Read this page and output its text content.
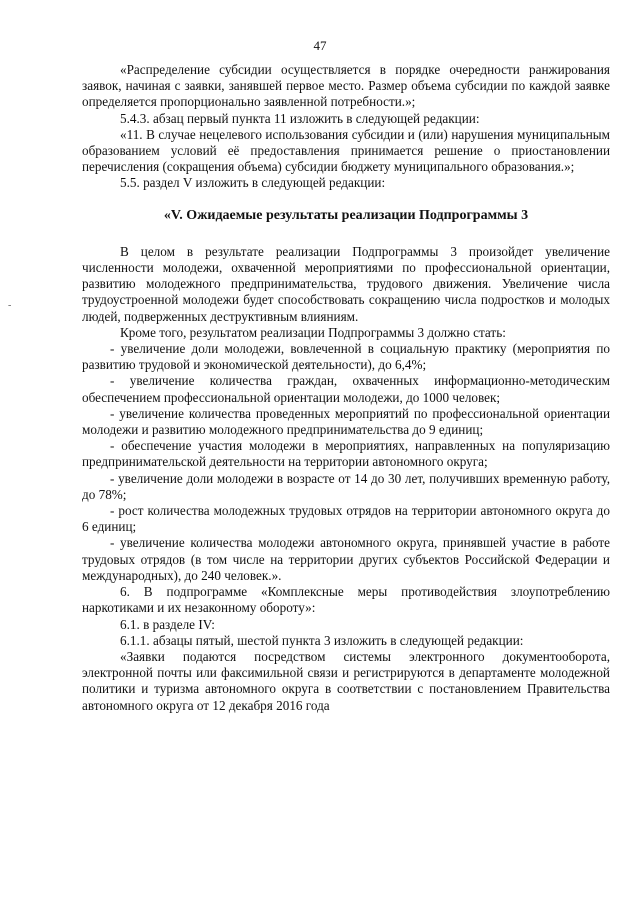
47
-

«Распределение субсидии осуществляется в порядке очередности ранжирования заявок, начиная с заявки, занявшей первое место. Размер объема субсидии по каждой заявке определяется пропорционально заявленной потребности.»;

5.4.3. абзац первый пункта 11 изложить в следующей редакции:

«11. В случае нецелевого использования субсидии и (или) нарушения муниципальным образованием условий её предоставления принимается решение о приостановлении перечисления (сокращения объема) субсидии бюджету муниципального образования.»;

5.5. раздел V изложить в следующей редакции:

«V. Ожидаемые результаты реализации Подпрограммы 3

В целом в результате реализации Подпрограммы 3 произойдет увеличение численности молодежи, охваченной мероприятиями по профессиональной ориентации, развитию молодежного предпринимательства, трудового движения. Увеличение числа трудоустроенной молодежи будет способствовать сокращению числа подростков и молодых людей, подверженных деструктивным влияниям.

Кроме того, результатом реализации Подпрограммы 3 должно стать:

- увеличение доли молодежи, вовлеченной в социальную практику (мероприятия по развитию трудовой и экономической деятельности), до 6,4%;

- увеличение количества граждан, охваченных информационно-методическим обеспечением профессиональной ориентации молодежи, до 1000 человек;

- увеличение количества проведенных мероприятий по профессиональной ориентации молодежи и развитию молодежного предпринимательства до 9 единиц;

- обеспечение участия молодежи в мероприятиях, направленных на популяризацию предпринимательской деятельности на территории автономного округа;

- увеличение доли молодежи в возрасте от 14 до 30 лет, получивших временную работу, до 78%;

- рост количества молодежных трудовых отрядов на территории автономного округа до 6 единиц;

- увеличение количества молодежи автономного округа, принявшей участие в работе трудовых отрядов (в том числе на территории других субъектов Российской Федерации и международных), до 240 человек.».

6. В подпрограмме «Комплексные меры противодействия злоупотреблению наркотиками и их незаконному обороту»:

6.1. в разделе IV:

6.1.1. абзацы пятый, шестой пункта 3 изложить в следующей редакции:

«Заявки подаются посредством системы электронного документооборота, электронной почты или факсимильной связи и регистрируются в департаменте молодежной политики и туризма автономного округа в соответствии с постановлением Правительства автономного округа от 12 декабря 2016 года
